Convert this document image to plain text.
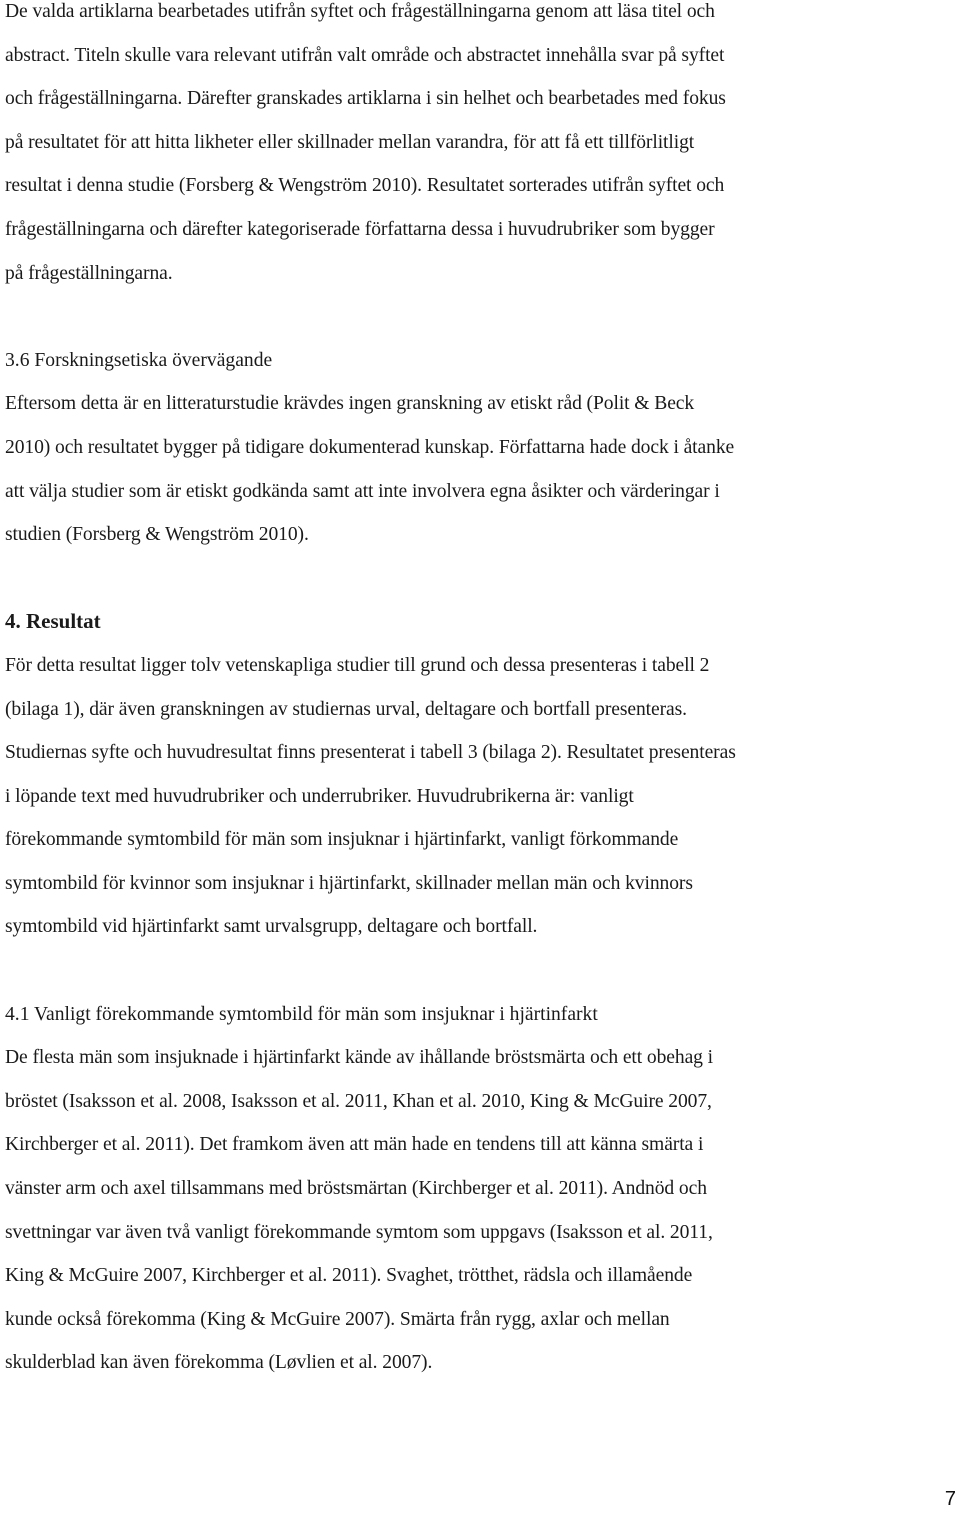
De valda artiklarna bearbetades utifrån syftet och frågeställningarna genom att läsa titel och
abstract. Titeln skulle vara relevant utifrån valt område och abstractet innehålla svar på syftet
och frågeställningarna. Därefter granskades artiklarna i sin helhet och bearbetades med fokus
på resultatet för att hitta likheter eller skillnader mellan varandra, för att få ett tillförlitligt
resultat i denna studie (Forsberg & Wengström 2010). Resultatet sorterades utifrån syftet och
frågeställningarna och därefter kategoriserade författarna dessa i huvudrubriker som bygger
på frågeställningarna.
3.6 Forskningsetiska övervägande
Eftersom detta är en litteraturstudie krävdes ingen granskning av etiskt råd (Polit & Beck
2010) och resultatet bygger på tidigare dokumenterad kunskap. Författarna hade dock i åtanke
att välja studier som är etiskt godkända samt att inte involvera egna åsikter och värderingar i
studien (Forsberg & Wengström 2010).
4. Resultat
För detta resultat ligger tolv vetenskapliga studier till grund och dessa presenteras i tabell 2
(bilaga 1), där även granskningen av studiernas urval, deltagare och bortfall presenteras.
Studiernas syfte och huvudresultat finns presenterat i tabell 3 (bilaga 2). Resultatet presenteras
i löpande text med huvudrubriker och underrubriker. Huvudrubrikerna är: vanligt
förekommande symtombild för män som insjuknar i hjärtinfarkt, vanligt förkommande
symtombild för kvinnor som insjuknar i hjärtinfarkt, skillnader mellan män och kvinnors
symtombild vid hjärtinfarkt samt urvalsgrupp, deltagare och bortfall.
4.1 Vanligt förekommande symtombild för män som insjuknar i hjärtinfarkt
De flesta män som insjuknade i hjärtinfarkt kände av ihållande bröstsmärta och ett obehag i
bröstet (Isaksson et al. 2008, Isaksson et al. 2011, Khan et al. 2010, King & McGuire 2007,
Kirchberger et al. 2011). Det framkom även att män hade en tendens till att känna smärta i
vänster arm och axel tillsammans med bröstsmärtan (Kirchberger et al. 2011). Andnöd och
svettningar var även två vanligt förekommande symtom som uppgavs (Isaksson et al. 2011,
King & McGuire 2007, Kirchberger et al. 2011). Svaghet, trötthet, rädsla och illamående
kunde också förekomma (King & McGuire 2007). Smärta från rygg, axlar och mellan
skulderblad kan även förekomma (Løvlien et al. 2007).
7
